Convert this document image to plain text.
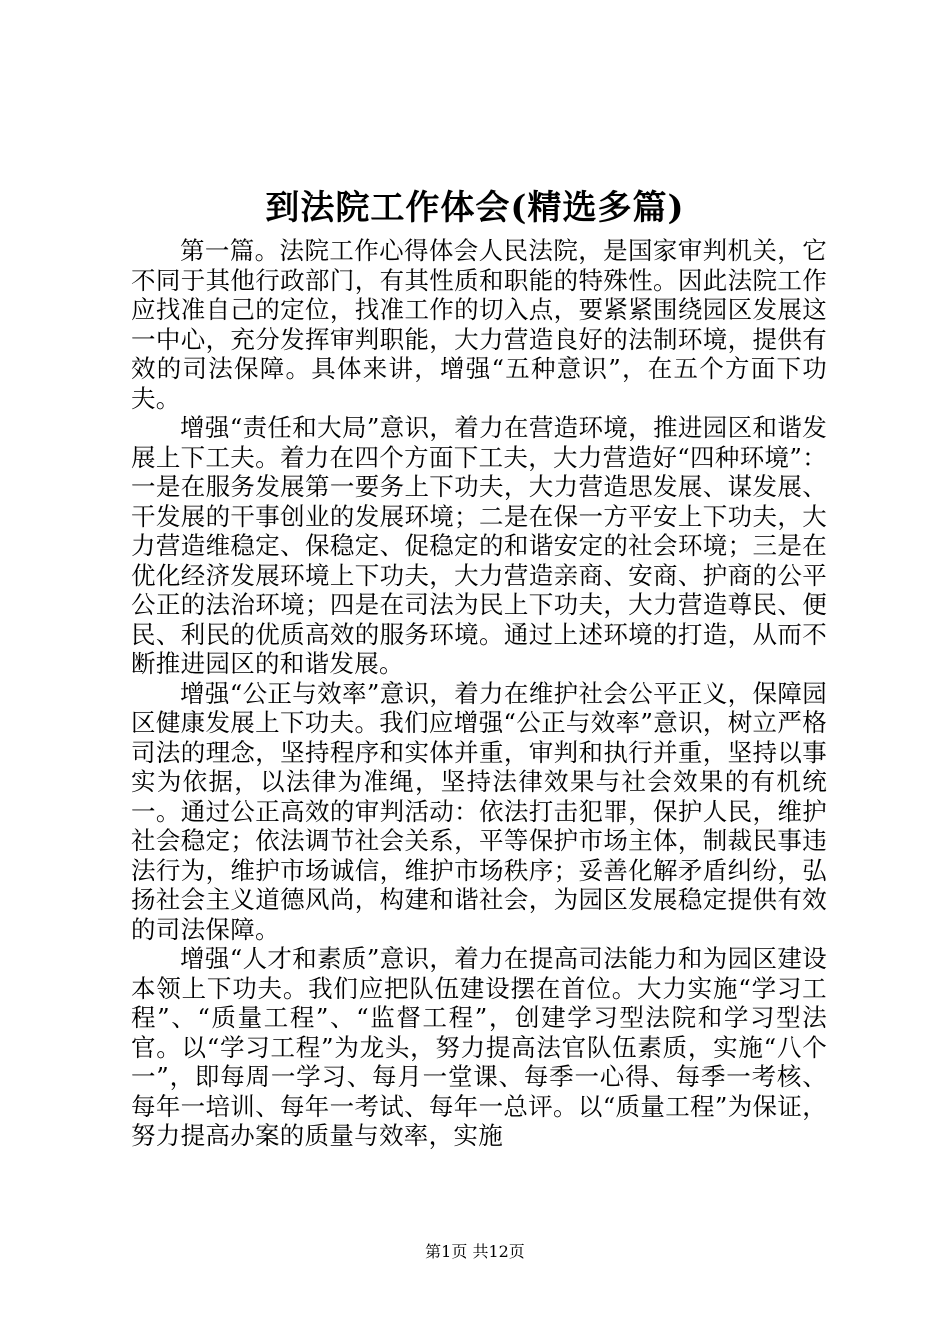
到法院工作体会(精选多篇)

第一篇。法院工作心得体会人民法院，是国家审判机关，它不同于其他行政部门，有其性质和职能的特殊性。因此法院工作应找准自己的定位，找准工作的切入点，要紧紧围绕园区发展这一中心，充分发挥审判职能，大力营造良好的法制环境，提供有效的司法保障。具体来讲，增强“五种意识”，在五个方面下功夫。

增强“责任和大局”意识，着力在营造环境，推进园区和谐发展上下工夫。着力在四个方面下工夫，大力营造好“四种环境”：一是在服务发展第一要务上下功夫，大力营造思发展、谋发展、干发展的干事创业的发展环境；二是在保一方平安上下功夫，大力营造维稳定、保稳定、促稳定的和谐安定的社会环境；三是在优化经济发展环境上下功夫，大力营造亲商、安商、护商的公平公正的法治环境；四是在司法为民上下功夫，大力营造尊民、便民、利民的优质高效的服务环境。通过上述环境的打造，从而不断推进园区的和谐发展。

增强“公正与效率”意识，着力在维护社会公平正义，保障园区健康发展上下功夫。我们应增强“公正与效率”意识，树立严格司法的理念，坚持程序和实体并重，审判和执行并重，坚持以事实为依据，以法律为准绳，坚持法律效果与社会效果的有机统一。通过公正高效的审判活动：依法打击犯罪，保护人民，维护社会稳定；依法调节社会关系，平等保护市场主体，制裁民事违法行为，维护市场诚信，维护市场秩序；妥善化解矛盾纠纷，弘扬社会主义道德风尚，构建和谐社会，为园区发展稳定提供有效的司法保障。

增强“人才和素质”意识，着力在提高司法能力和为园区建设本领上下功夫。我们应把队伍建设摆在首位。大力实施“学习工程”、“质量工程”、“监督工程”，创建学习型法院和学习型法官。以“学习工程”为龙头，努力提高法官队伍素质，实施“八个一”，即每周一学习、每月一堂课、每季一心得、每季一考核、每年一培训、每年一考试、每年一总评。以“质量工程”为保证，努力提高办案的质量与效率，实施

第1页 共12页
